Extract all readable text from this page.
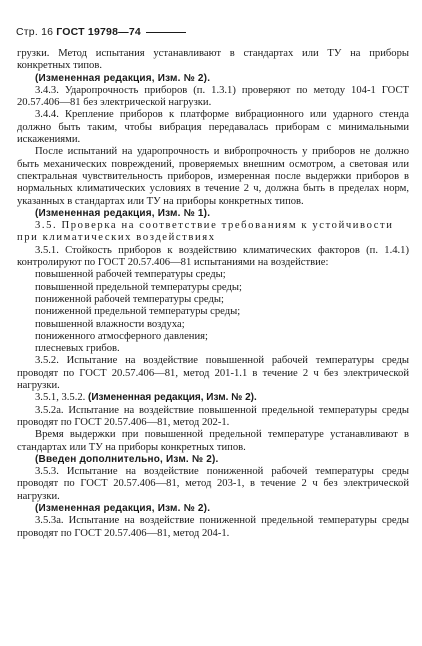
Стр. 16 ГОСТ 19798—74

грузки. Метод испытания устанавливают в стандартах или ТУ на приборы конкретных типов.

(Измененная редакция, Изм. № 2).

3.4.3. Ударопрочность приборов (п. 1.3.1) проверяют по методу 104-1 ГОСТ 20.57.406—81 без электрической нагрузки.

3.4.4. Крепление приборов к платформе вибрационного или ударного стенда должно быть таким, чтобы вибрация передавалась приборам с минимальными искажениями.

После испытаний на ударопрочность и вибропрочность у приборов не должно быть механических повреждений, проверяемых внешним осмотром, а световая или спектральная чувствительность приборов, измеренная после выдержки приборов в нормальных климатических условиях в течение 2 ч, должна быть в пределах норм, указанных в стандартах или ТУ на приборы конкретных типов.

(Измененная редакция, Изм. № 1).

3.5. Проверка на соответствие требованиям к устойчивости при климатических воздействиях

3.5.1. Стойкость приборов к воздействию климатических факторов (п. 1.4.1) контролируют по ГОСТ 20.57.406—81 испытаниями на воздействие:

повышенной рабочей температуры среды;

повышенной предельной температуры среды;

пониженной рабочей температуры среды;

пониженной предельной температуры среды;

повышенной влажности воздуха;

пониженного атмосферного давления;

плесневых грибов.

3.5.2. Испытание на воздействие повышенной рабочей температуры среды проводят по ГОСТ 20.57.406—81, метод 201-1.1 в течение 2 ч без электрической нагрузки.

3.5.1, 3.5.2. (Измененная редакция, Изм. № 2).

3.5.2а. Испытание на воздействие повышенной предельной температуры среды проводят по ГОСТ 20.57.406—81, метод 202-1.

Время выдержки при повышенной предельной температуре устанавливают в стандартах или ТУ на приборы конкретных типов.

(Введен дополнительно, Изм. № 2).

3.5.3. Испытание на воздействие пониженной рабочей температуры среды проводят по ГОСТ 20.57.406—81, метод 203-1, в течение 2 ч без электрической нагрузки.

(Измененная редакция, Изм. № 2).

3.5.3а. Испытание на воздействие пониженной предельной температуры среды проводят по ГОСТ 20.57.406—81, метод 204-1.
